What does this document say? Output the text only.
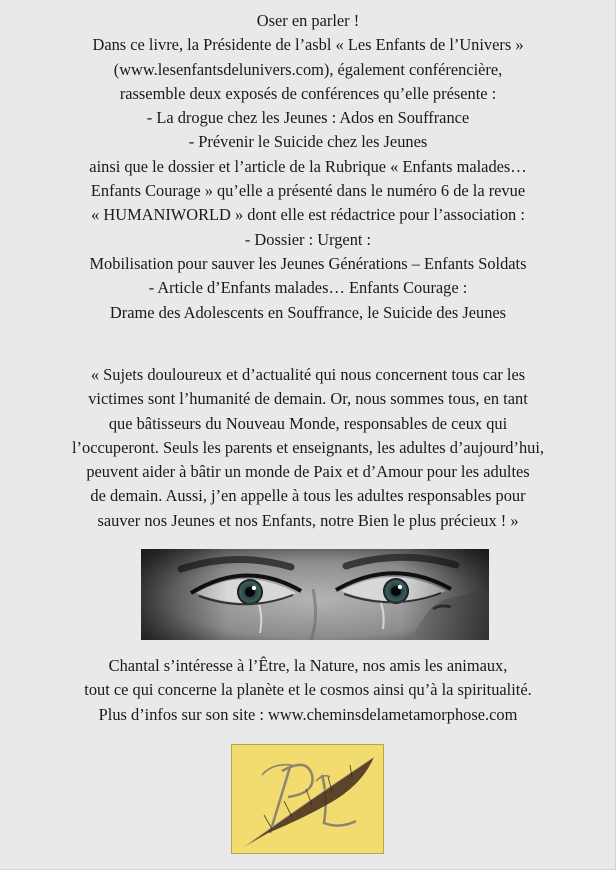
Oser en parler !
Dans ce livre, la Présidente de l’asbl « Les Enfants de l’Univers »
(www.lesenfantsdelunivers.com), également conférencière,
rassemble deux exposés de conférences qu’elle présente :
- La drogue chez les Jeunes : Ados en Souffrance
- Prévenir le Suicide chez les Jeunes
ainsi que le dossier et l’article de la Rubrique « Enfants malades…
Enfants Courage » qu’elle a présenté dans le numéro 6 de la revue
« HUMANIWORLD » dont elle est rédactrice pour l’association :
- Dossier : Urgent :
Mobilisation pour sauver les Jeunes Générations – Enfants Soldats
- Article d’Enfants malades… Enfants Courage :
Drame des Adolescents en Souffrance, le Suicide des Jeunes
« Sujets douloureux et d’actualité qui nous concernent tous car les
victimes sont l’humanité de demain. Or, nous sommes tous, en tant
que bâtisseurs du Nouveau Monde, responsables de ceux qui
l’occuperont. Seuls les parents et enseignants, les adultes d’aujourd’hui,
peuvent aider à bâtir un monde de Paix et d’Amour pour les adultes
de demain. Aussi, j’en appelle à tous les adultes responsables pour
sauver nos Jeunes et nos Enfants, notre Bien le plus précieux ! »
Chantal s’intéresse à l’Être, la Nature, nos amis les animaux,
tout ce qui concerne la planète et le cosmos ainsi qu’à la spiritualité.
Plus d’infos sur son site : www.cheminsdelametamorphose.com
